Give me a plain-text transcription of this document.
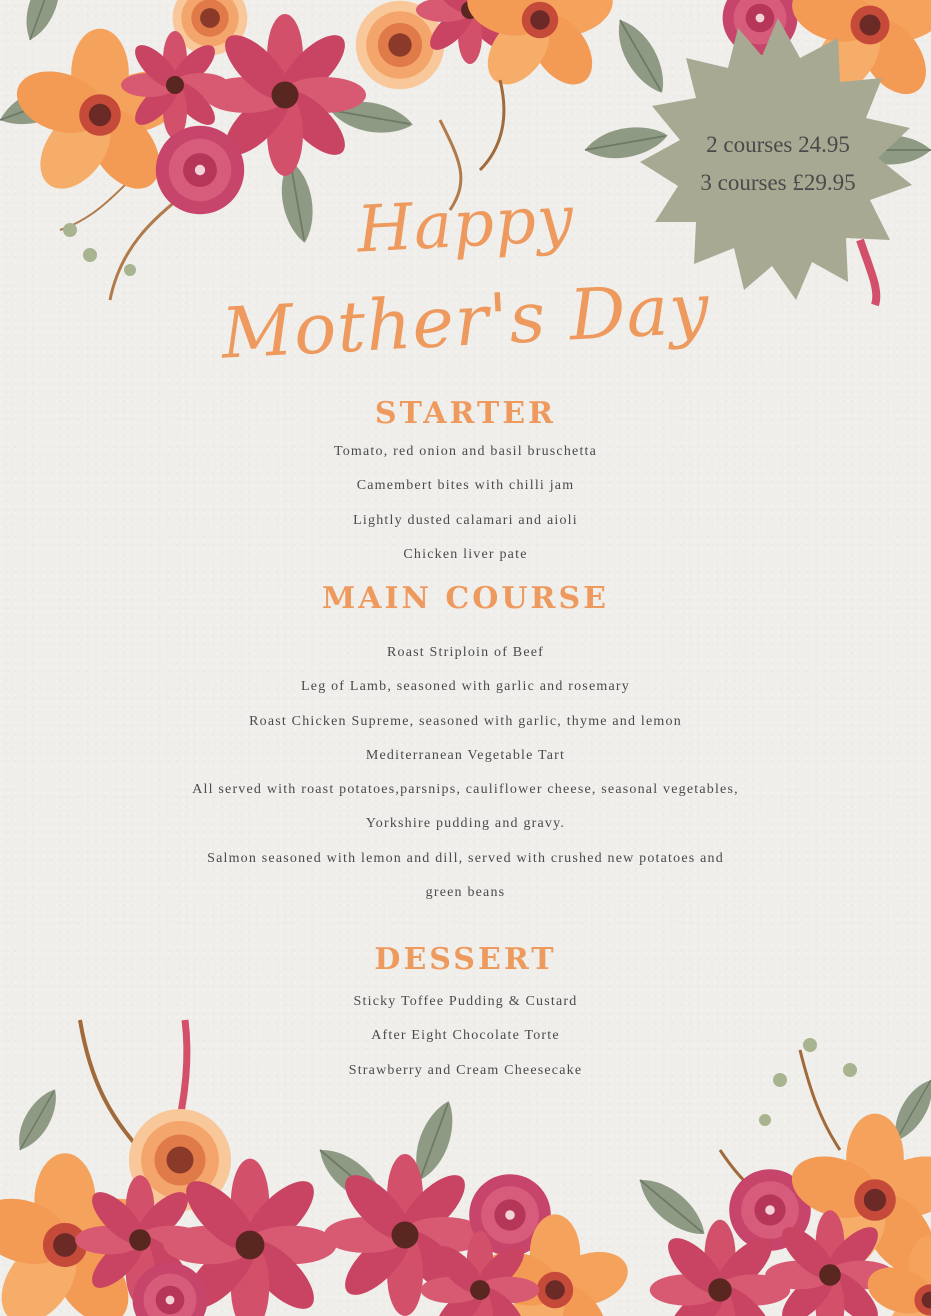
Happy
Mother's Day
2 courses 24.95
3 courses £29.95
STARTER
Tomato, red onion and basil bruschetta
Camembert bites with chilli jam
Lightly dusted calamari and aioli
Chicken liver pate
MAIN COURSE
Roast Striploin of Beef
Leg of Lamb, seasoned with garlic and rosemary
Roast Chicken Supreme, seasoned with garlic, thyme and lemon
Mediterranean Vegetable Tart
All served with roast potatoes,parsnips, cauliflower cheese, seasonal vegetables,
Yorkshire pudding and gravy.
Salmon seasoned with lemon and dill, served with crushed new potatoes and
green beans
DESSERT
Sticky Toffee Pudding & Custard
After Eight Chocolate Torte
Strawberry and Cream Cheesecake
